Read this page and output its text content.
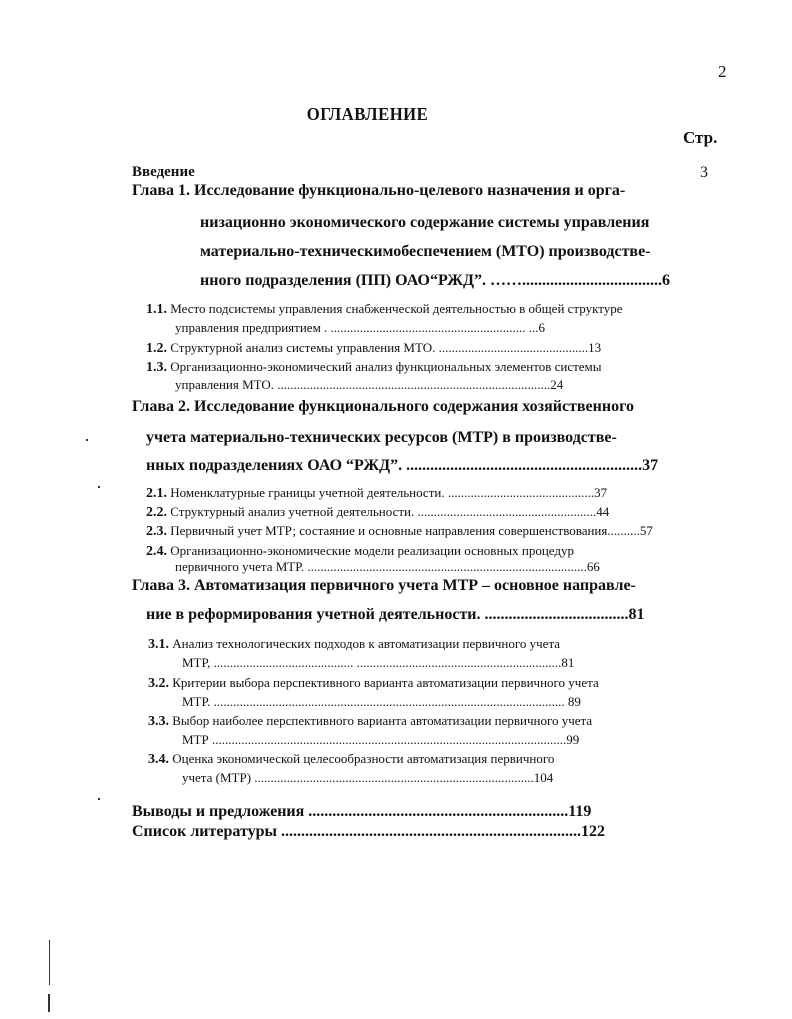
2
ОГЛАВЛЕНИЕ
Стр.
Введение	3
Глава 1. Исследование функционально-целевого назначения и орга-
низационно экономического содержание системы управления
материально-техническимобеспечением (МТО) производстве-
нного подразделения (ПП) ОАО“РЖД”. ……...................................6
1.1. Место подсистемы управления снабженческой деятельностью в общей структуре
управления предприятием . ............................................................ ...6
1.2. Структурной анализ системы управления МТО. ..............................................13
1.3. Организационно-экономический анализ функциональных элементов системы
управления МТО. ....................................................................................24
Глава 2. Исследование функционального содержания хозяйственного
учета материально-технических ресурсов (МТР) в производстве-
нных подразделениях ОАО “РЖД”. ...........................................................37
2.1. Номенклатурные границы учетной деятельности. .............................................37
2.2. Структурный анализ учетной деятельности. .......................................................44
2.3. Первичный учет МТР; состаяние и основные направления совершенствования..........57
2.4. Организационно-экономические модели реализации основных процедур
первичного учета МТР. ......................................................................................66
Глава 3. Автоматизация первичного учета МТР – основное направле-
ние в реформирования учетной деятельности. ....................................81
3.1. Анализ технологических подходов к автоматизации первичного учета
МТР, ........................................... ...............................................................81
3.2. Критерии выбора перспективного варианта автоматизации первичного учета
МТР. ............................................................................................................ 89
3.3. Выбор наиболее перспективного варианта автоматизации первичного учета
МТР .............................................................................................................99
3.4. Оценка экономической целесообразности автоматизация первичного
учета (МТР) ......................................................................................104
Выводы и предложения .................................................................119
Список литературы ...........................................................................122
